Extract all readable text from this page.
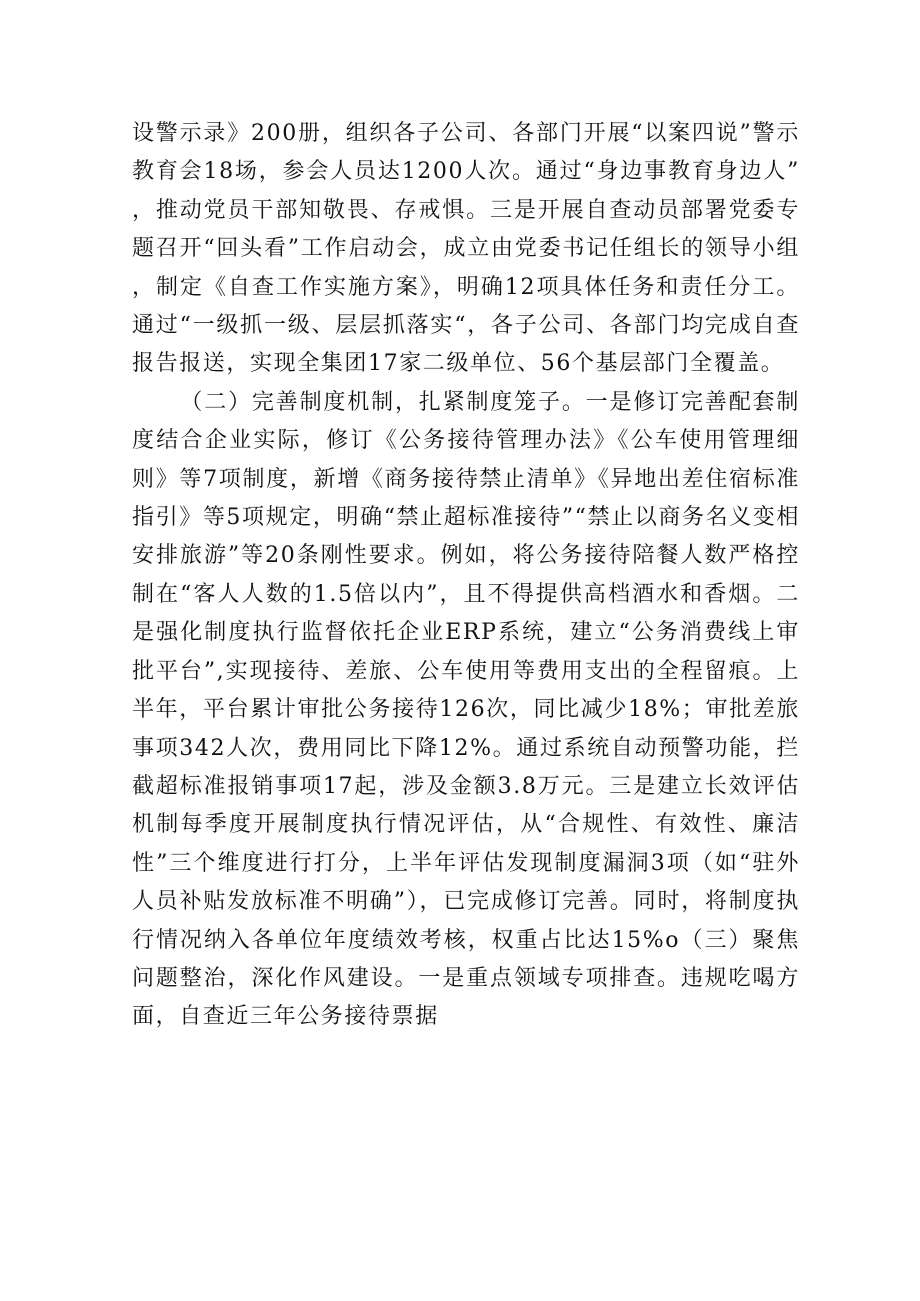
设警示录》200册，组织各子公司、各部门开展“以案四说”警示教育会18场，参会人员达1200人次。通过“身边事教育身边人”，推动党员干部知敬畏、存戒惧。三是开展自查动员部署党委专题召开“回头看”工作启动会，成立由党委书记任组长的领导小组，制定《自查工作实施方案》，明确12项具体任务和责任分工。通过“一级抓一级、层层抓落实“，各子公司、各部门均完成自查报告报送，实现全集团17家二级单位、56个基层部门全覆盖。

（二）完善制度机制，扎紧制度笼子。一是修订完善配套制度结合企业实际，修订《公务接待管理办法》《公车使用管理细则》等7项制度，新增《商务接待禁止清单》《异地出差住宿标准指引》等5项规定，明确“禁止超标准接待”“禁止以商务名义变相安排旅游”等20条刚性要求。例如，将公务接待陪餐人数严格控制在“客人人数的1.5倍以内”，且不得提供高档酒水和香烟。二是强化制度执行监督依托企业ERP系统，建立“公务消费线上审批平台”,实现接待、差旅、公车使用等费用支出的全程留痕。上半年，平台累计审批公务接待126次，同比减少18%；审批差旅事项342人次，费用同比下降12%。通过系统自动预警功能，拦截超标准报销事项17起，涉及金额3.8万元。三是建立长效评估机制每季度开展制度执行情况评估，从“合规性、有效性、廉洁性”三个维度进行打分，上半年评估发现制度漏洞3项（如“驻外人员补贴发放标准不明确”），已完成修订完善。同时，将制度执行情况纳入各单位年度绩效考核，权重占比达15%o（三）聚焦问题整治，深化作风建设。一是重点领域专项排查。违规吃喝方面，自查近三年公务接待票据
